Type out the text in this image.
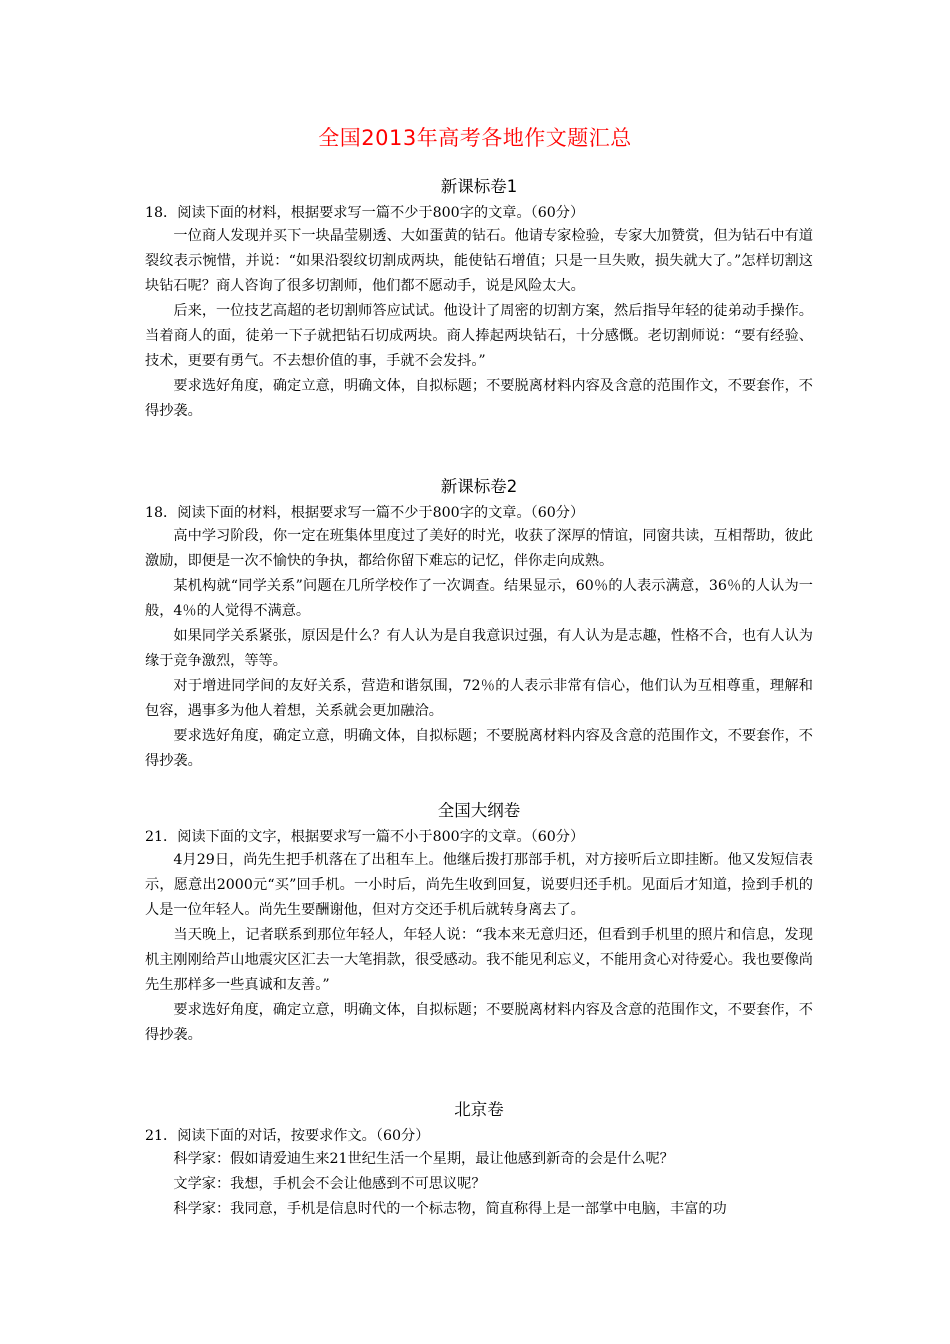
全国2013年高考各地作文题汇总
新课标卷1
18．阅读下面的材料，根据要求写一篇不少于800字的文章。（60分）

一位商人发现并买下一块晶莹剔透、大如蛋黄的钻石。他请专家检验，专家大加赞赏，但为钻石中有道裂纹表示惋惜，并说：“如果沿裂纹切割成两块，能使钻石增值；只是一旦失败，损失就大了。”怎样切割这块钻石呢？商人咨询了很多切割师，他们都不愿动手，说是风险太大。

后来，一位技艺高超的老切割师答应试试。他设计了周密的切割方案，然后指导年轻的徒弟动手操作。当着商人的面，徒弟一下子就把钻石切成两块。商人捧起两块钻石，十分感慨。老切割师说：“要有经验、技术，更要有勇气。不去想价值的事，手就不会发抖。”

要求选好角度，确定立意，明确文体，自拟标题；不要脱离材料内容及含意的范围作文，不要套作，不得抄袭。

新课标卷2
18．阅读下面的材料，根据要求写一篇不少于800字的文章。（60分）

高中学习阶段，你一定在班集体里度过了美好的时光，收获了深厚的情谊，同窗共读，互相帮助，彼此激励，即便是一次不愉快的争执，都给你留下难忘的记忆，伴你走向成熟。

某机构就“同学关系”问题在几所学校作了一次调查。结果显示，60％的人表示满意，36％的人认为一般，4％的人觉得不满意。

如果同学关系紧张，原因是什么？有人认为是自我意识过强，有人认为是志趣，性格不合，也有人认为缘于竞争激烈，等等。

对于增进同学间的友好关系，营造和谐氛围，72％的人表示非常有信心，他们认为互相尊重，理解和包容，遇事多为他人着想，关系就会更加融洽。

要求选好角度，确定立意，明确文体，自拟标题；不要脱离材料内容及含意的范围作文，不要套作，不得抄袭。

全国大纲卷
21．阅读下面的文字，根据要求写一篇不小于800字的文章。（60分）

4月29日，尚先生把手机落在了出租车上。他继后拨打那部手机，对方接听后立即挂断。他又发短信表示，愿意出2000元“买”回手机。一小时后，尚先生收到回复，说要归还手机。见面后才知道，捡到手机的人是一位年轻人。尚先生要酬谢他，但对方交还手机后就转身离去了。

当天晚上，记者联系到那位年轻人，年轻人说：“我本来无意归还，但看到手机里的照片和信息，发现机主刚刚给芦山地震灾区汇去一大笔捐款，很受感动。我不能见利忘义，不能用贪心对待爱心。我也要像尚先生那样多一些真诚和友善。”

要求选好角度，确定立意，明确文体，自拟标题；不要脱离材料内容及含意的范围作文，不要套作，不得抄袭。

北京卷
21．阅读下面的对话，按要求作文。（60分）

科学家：假如请爱迪生来21世纪生活一个星期，最让他感到新奇的会是什么呢？

文学家：我想，手机会不会让他感到不可思议呢？

科学家：我同意，手机是信息时代的一个标志物，简直称得上是一部掌中电脑，丰富的功
